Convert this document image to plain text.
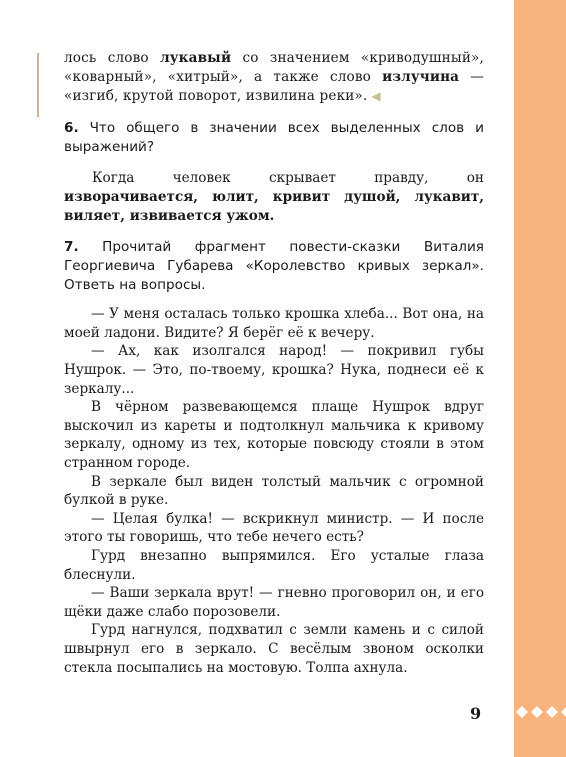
9
лось слово лукавый со значением «криводушный», «коварный», «хитрый», а также слово излучина — «изгиб, крутой поворот, извилина реки». ◀
6. Что общего в значении всех выделенных слов и выражений?
Когда человек скрывает правду, он изворачивается, юлит, кривит душой, лукавит, виляет, извивается ужом.
7. Прочитай фрагмент повести-сказки Виталия Георгиевича Губарева «Королевство кривых зеркал». Ответь на вопросы.

— У меня осталась только крошка хлеба... Вот она, на моей ладони. Видите? Я берёг её к вечеру.

— Ах, как изолгался народ! — покривил губы Нушрок. — Это, по-твоему, крошка? Нука, поднеси её к зеркалу...

В чёрном развевающемся плаще Нушрок вдруг выскочил из кареты и подтолкнул мальчика к кривому зеркалу, одному из тех, которые повсюду стояли в этом странном городе.

В зеркале был виден толстый мальчик с огромной булкой в руке.

— Целая булка! — вскрикнул министр. — И после этого ты говоришь, что тебе нечего есть?

Гурд внезапно выпрямился. Его усталые глаза блеснули.

— Ваши зеркала врут! — гневно проговорил он, и его щёки даже слабо порозовели.

Гурд нагнулся, подхватил с земли камень и с силой швырнул его в зеркало. С весёлым звоном осколки стекла посыпались на мостовую. Толпа ахнула.
